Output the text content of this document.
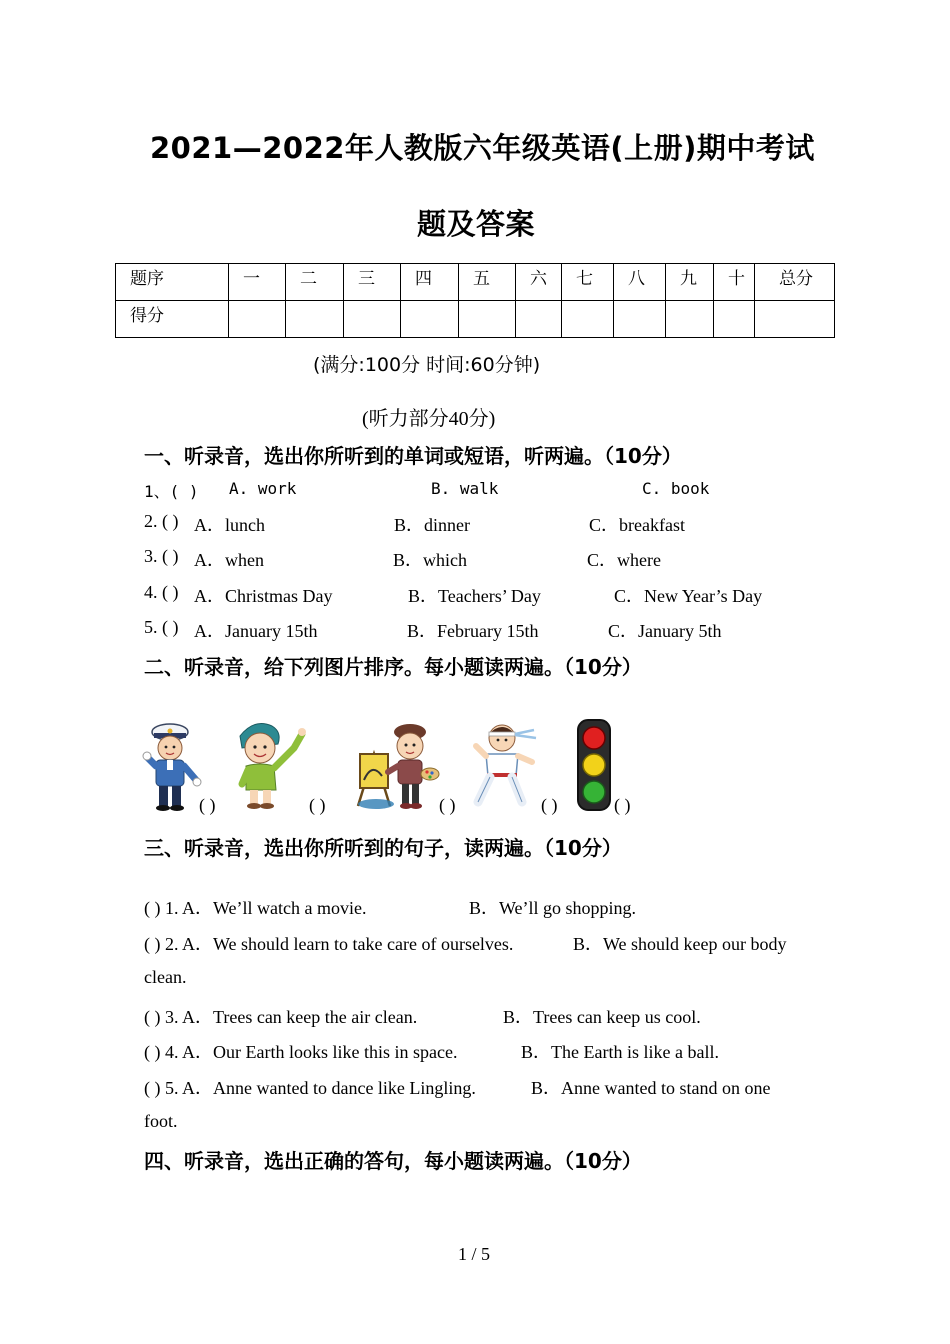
2021—2022年人教版六年级英语(上册)期中考试
题及答案
题序	一	二	三	四	五	六	七	八	九	十	总分
得分											
(满分:100分 时间:60分钟)
(听力部分40分)
一、听录音，选出你所听到的单词或短语，听两遍。（10分）
1、( ) A. work	B. walk	C. book
2. ( ) A．lunch	B．dinner	C．breakfast
3. ( ) A．when	B．which	C．where
4. ( ) A．Christmas Day	B．Teachers’ Day	C．New Year’s Day
5. ( ) A．January 15th	B．February 15th	C．January 5th
二、听录音，给下列图片排序。每小题读两遍。（10分）
( )	( )	( )	( )	( )
三、听录音，选出你所听到的句子，读两遍。（10分）
( ) 1. A．We’ll watch a movie.	B．We’ll go shopping.
( ) 2. A．We should learn to take care of ourselves.	B．We should keep our body
clean.
( ) 3. A．Trees can keep the air clean.	B．Trees can keep us cool.
( ) 4. A．Our Earth looks like this in space.	B．The Earth is like a ball.
( ) 5. A．Anne wanted to dance like Lingling.	B．Anne wanted to stand on one
foot.
四、听录音，选出正确的答句，每小题读两遍。（10分）
1 / 5
